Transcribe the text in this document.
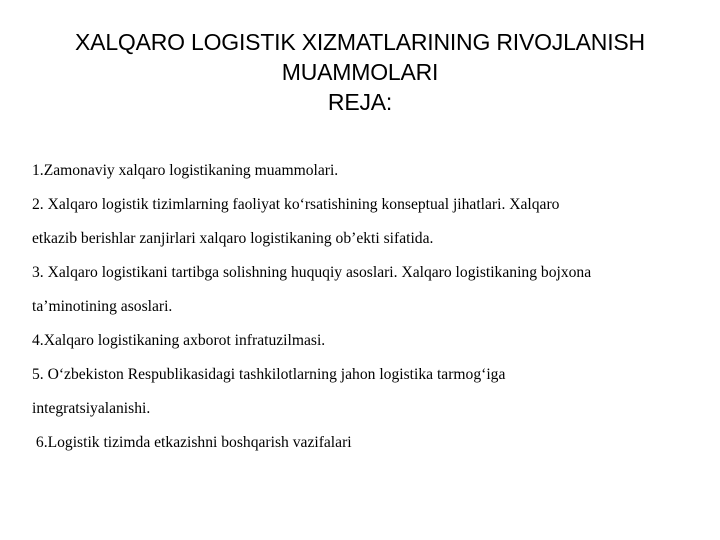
XALQARO LOGISTIK XIZMATLARINING RIVOJLANISH
MUAMMOLARI
REJA:
1.Zamonaviy xalqaro logistikaning muammolari.
2. Xalqaro logistik tizimlarning faoliyat ko‘rsatishining konseptual jihatlari. Xalqaro
etkazib berishlar zanjirlari xalqaro logistikaning ob’ekti sifatida.
3. Xalqaro logistikani tartibga solishning huquqiy asoslari. Xalqaro logistikaning bojxona
ta’minotining asoslari.
4.Xalqaro logistikaning axborot infratuzilmasi.
5. O‘zbekiston Respublikasidagi tashkilotlarning jahon logistika tarmog‘iga
integratsiyalanishi.
6.Logistik tizimda etkazishni boshqarish vazifalari
